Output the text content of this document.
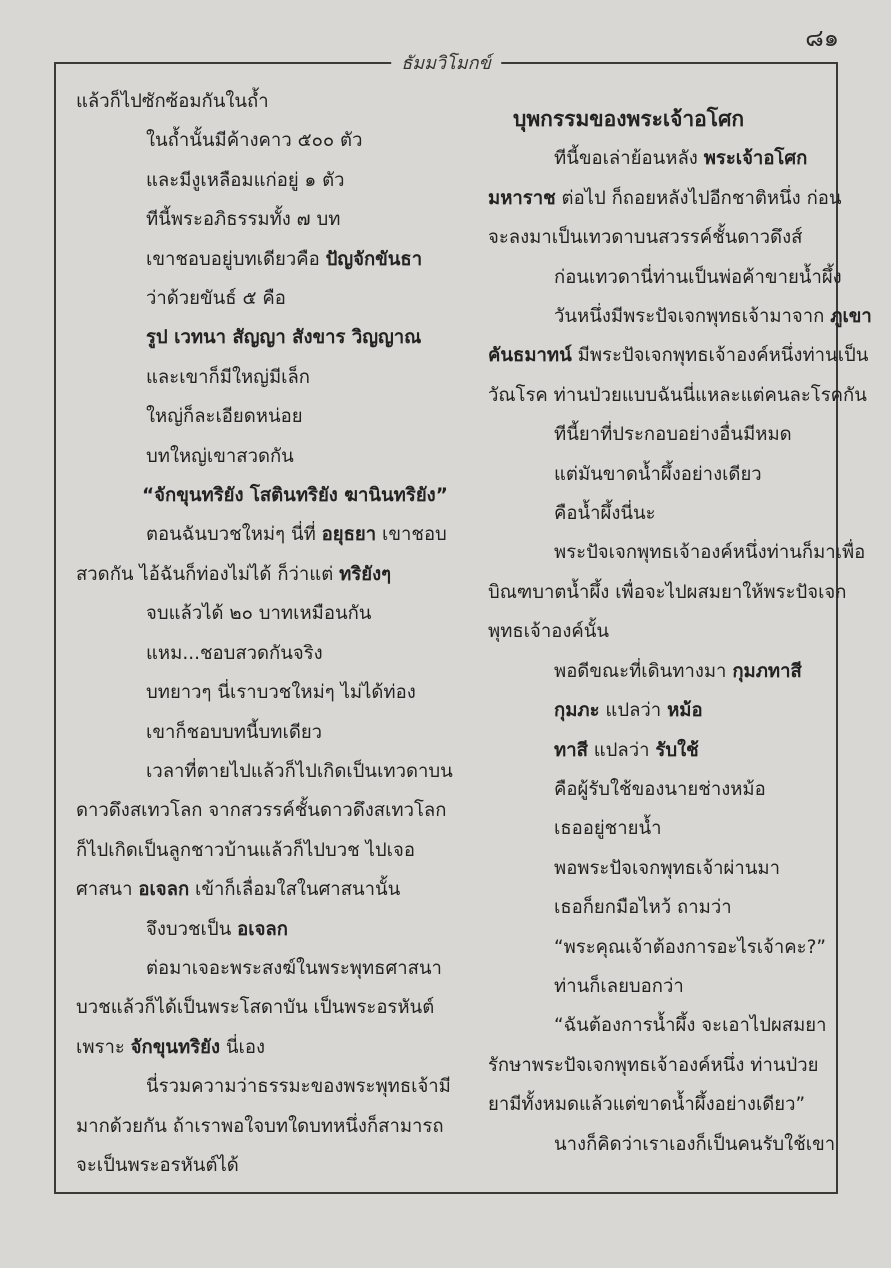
๘๑
ธัมมวิโมกข์
แล้วก็ไปซักซ้อมกันในถ้ำ
ในถ้ำนั้นมีค้างคาว ๕๐๐ ตัว
และมีงูเหลือมแก่อยู่ ๑ ตัว
ทีนี้พระอภิธรรมทั้ง ๗ บท
เขาชอบอยู่บทเดียวคือ ปัญจักขันธา
ว่าด้วยขันธ์ ๕ คือ
รูป เวทนา สัญญา สังขาร วิญญาณ
และเขาก็มีใหญ่มีเล็ก
ใหญ่ก็ละเอียดหน่อย
บทใหญ่เขาสวดกัน
“จักขุนทริยัง โสตินทริยัง ฆานินทริยัง”
ตอนฉันบวชใหม่ๆ นี่ที่ อยุธยา เขาชอบ
สวดกัน ไอ้ฉันก็ท่องไม่ได้ ก็ว่าแต่ ทริยังๆ
จบแล้วได้ ๒๐ บาทเหมือนกัน
แหม...ชอบสวดกันจริง
บทยาวๆ นี่เราบวชใหม่ๆ ไม่ได้ท่อง
เขาก็ชอบบทนี้บทเดียว
เวลาที่ตายไปแล้วก็ไปเกิดเป็นเทวดาบน
ดาวดึงสเทวโลก จากสวรรค์ชั้นดาวดึงสเทวโลก
ก็ไปเกิดเป็นลูกชาวบ้านแล้วก็ไปบวช ไปเจอ
ศาสนา อเจลก เข้าก็เลื่อมใสในศาสนานั้น
จึงบวชเป็น อเจลก
ต่อมาเจอะพระสงฆ์ในพระพุทธศาสนา
บวชแล้วก็ได้เป็นพระโสดาบัน เป็นพระอรหันต์
เพราะ จักขุนทริยัง นี่เอง
นี่รวมความว่าธรรมะของพระพุทธเจ้ามี
มากด้วยกัน ถ้าเราพอใจบทใดบทหนึ่งก็สามารถ
จะเป็นพระอรหันต์ได้
บุพกรรมของพระเจ้าอโศก
ทีนี้ขอเล่าย้อนหลัง พระเจ้าอโศก
มหาราช ต่อไป ก็ถอยหลังไปอีกชาติหนึ่ง ก่อน
จะลงมาเป็นเทวดาบนสวรรค์ชั้นดาวดึงส์
ก่อนเทวดานี่ท่านเป็นพ่อค้าขายน้ำผึ้ง
วันหนึ่งมีพระปัจเจกพุทธเจ้ามาจาก ภูเขา
คันธมาทน์ มีพระปัจเจกพุทธเจ้าองค์หนึ่งท่านเป็น
วัณโรค ท่านป่วยแบบฉันนี่แหละแต่คนละโรคกัน
ทีนี้ยาที่ประกอบอย่างอื่นมีหมด
แต่มันขาดน้ำผึ้งอย่างเดียว
คือน้ำผึ้งนี่นะ
พระปัจเจกพุทธเจ้าองค์หนึ่งท่านก็มาเพื่อ
บิณฑบาตน้ำผึ้ง เพื่อจะไปผสมยาให้พระปัจเจก
พุทธเจ้าองค์นั้น
พอดีขณะที่เดินทางมา กุมภทาสี
กุมภะ แปลว่า หม้อ
ทาสี แปลว่า รับใช้
คือผู้รับใช้ของนายช่างหม้อ
เธออยู่ชายน้ำ
พอพระปัจเจกพุทธเจ้าผ่านมา
เธอก็ยกมือไหว้ ถามว่า
“พระคุณเจ้าต้องการอะไรเจ้าคะ?”
ท่านก็เลยบอกว่า
“ฉันต้องการน้ำผึ้ง จะเอาไปผสมยา
รักษาพระปัจเจกพุทธเจ้าองค์หนึ่ง ท่านป่วย
ยามีทั้งหมดแล้วแต่ขาดน้ำผึ้งอย่างเดียว”
นางก็คิดว่าเราเองก็เป็นคนรับใช้เขา
